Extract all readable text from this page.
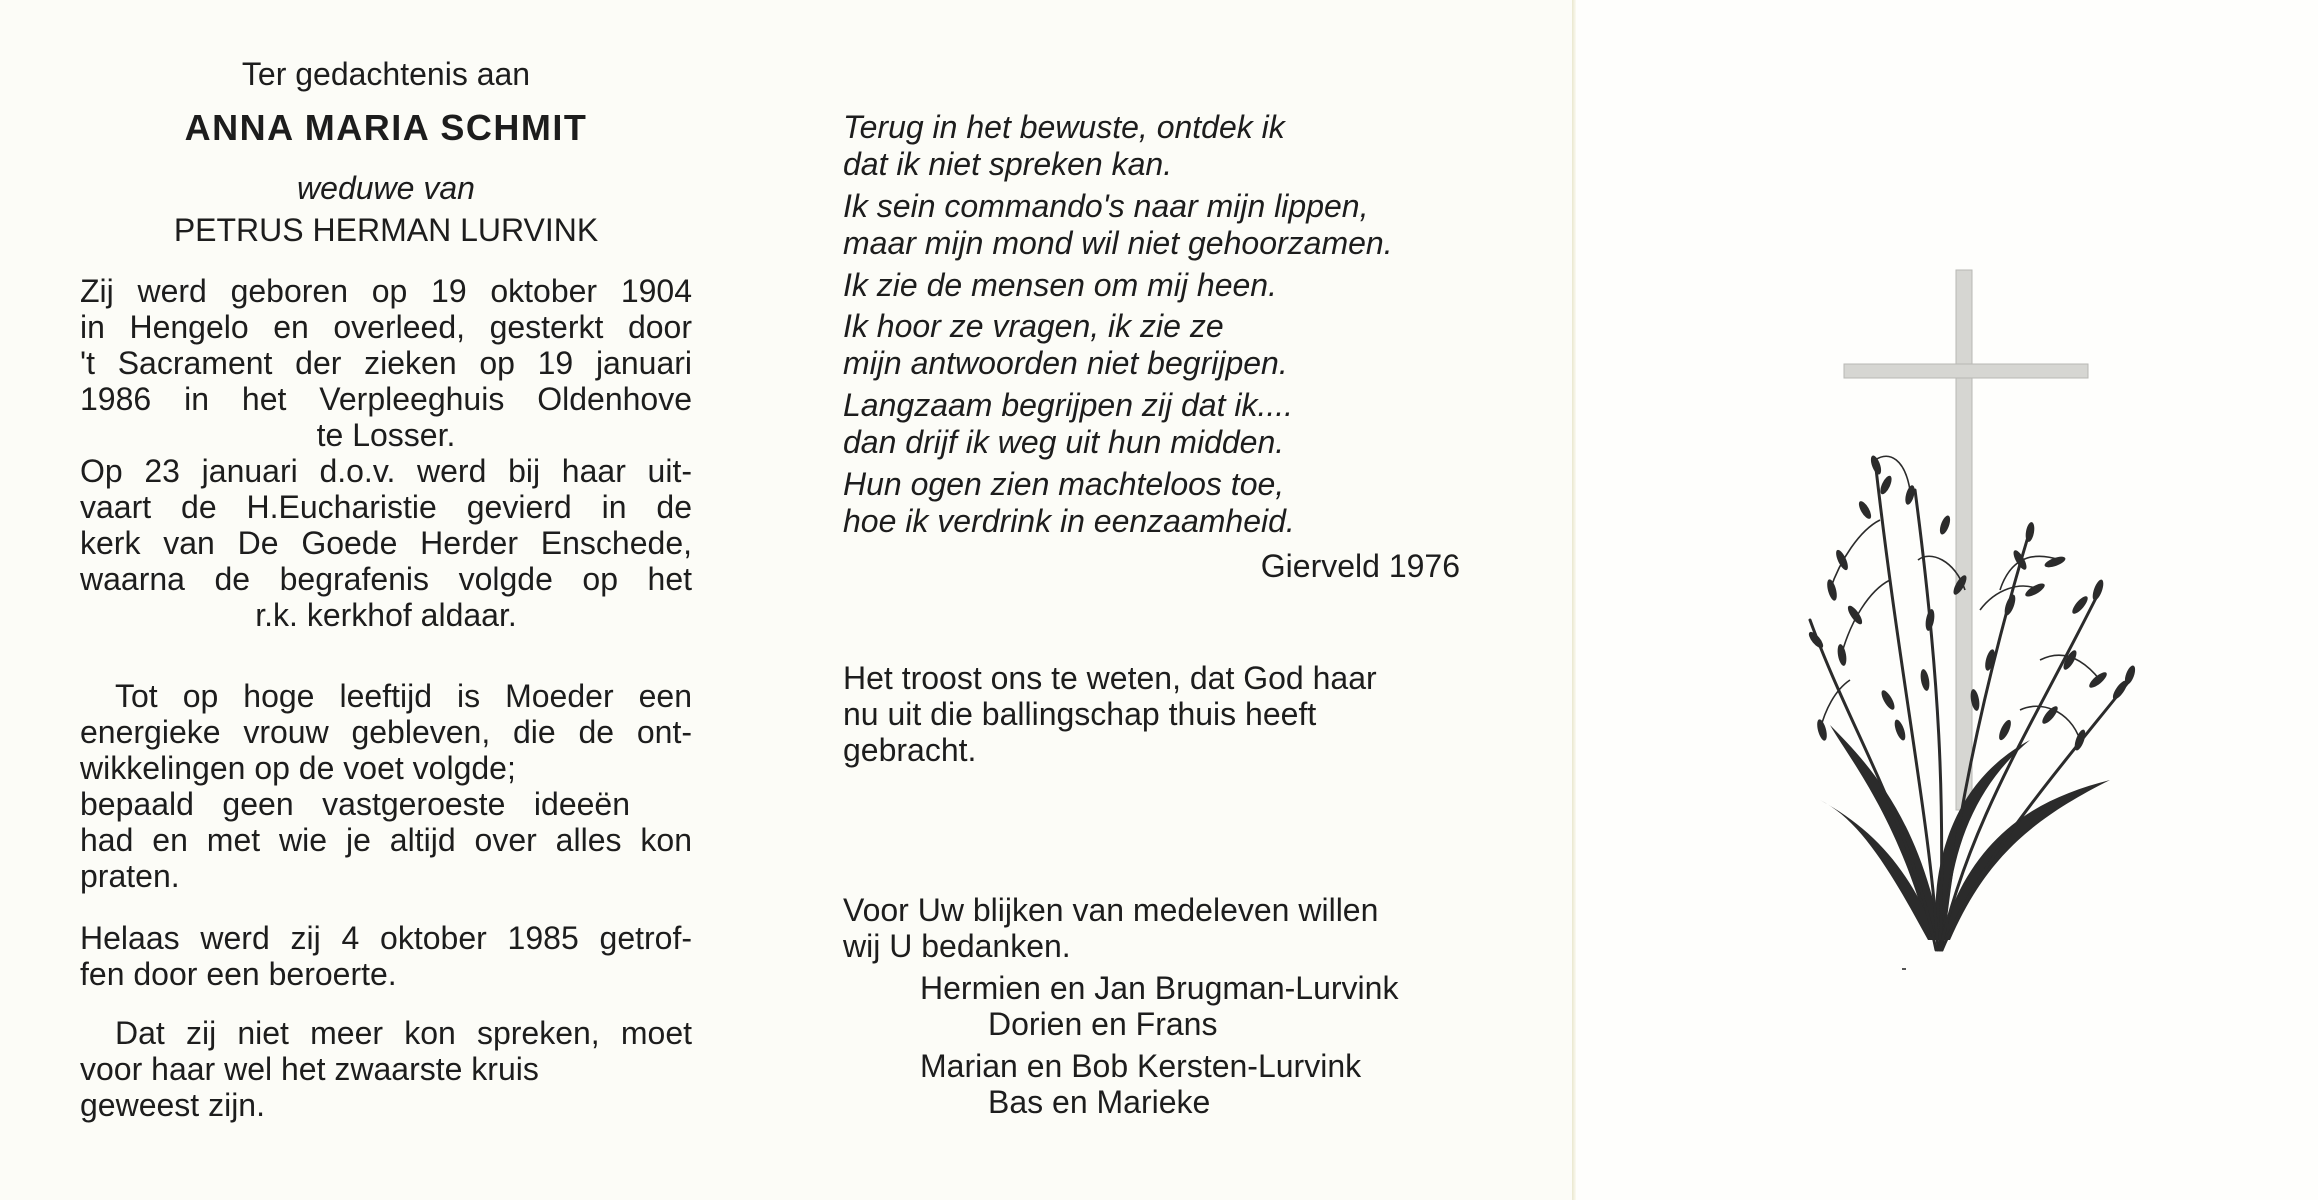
Ter gedachtenis aan

ANNA MARIA SCHMIT

weduwe van

PETRUS HERMAN LURVINK

Zij werd geboren op 19 oktober 1904

in Hengelo en overleed, gesterkt door

't Sacrament der zieken op 19 januari

1986 in het Verpleeghuis Oldenhove

te Losser.

Op 23 januari d.o.v. werd bij haar uit-

vaart de H.Eucharistie gevierd in de

kerk van De Goede Herder Enschede,

waarna de begrafenis volgde op het

r.k. kerkhof aldaar.

Tot op hoge leeftijd is Moeder een

energieke vrouw gebleven, die de ont-

wikkelingen op de voet volgde;

bepaald geen vastgeroeste ideeën

had en met wie je altijd over alles kon

praten.

Helaas werd zij 4 oktober 1985 getrof-

fen door een beroerte.

Dat zij niet meer kon spreken, moet

voor haar wel het zwaarste kruis

geweest zijn.

Terug in het bewuste, ontdek ik

dat ik niet spreken kan.

Ik sein commando's naar mijn lippen,

maar mijn mond wil niet gehoorzamen.

Ik zie de mensen om mij heen.

Ik hoor ze vragen, ik zie ze

mijn antwoorden niet begrijpen.

Langzaam begrijpen zij dat ik....

dan drijf ik weg uit hun midden.

Hun ogen zien machteloos toe,

hoe ik verdrink in eenzaamheid.

Gierveld 1976

Het troost ons te weten, dat God haar

nu uit die ballingschap thuis heeft

gebracht.

Voor Uw blijken van medeleven willen

wij U bedanken.

Hermien en Jan Brugman-Lurvink

Dorien en Frans

Marian en Bob Kersten-Lurvink

Bas en Marieke
